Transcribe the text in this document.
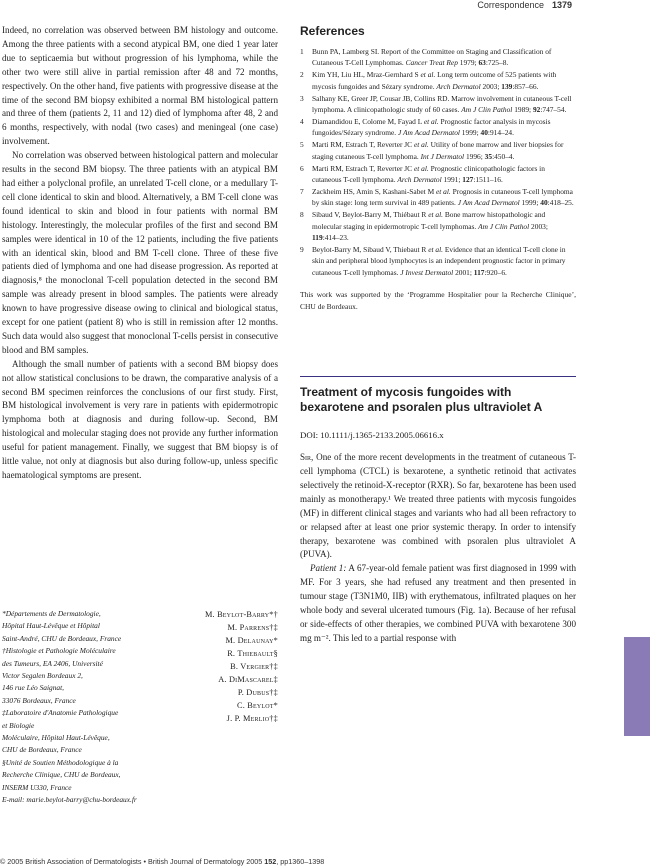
Correspondence 1379

Indeed, no correlation was observed between BM histology and outcome. Among the three patients with a second atypical BM, one died 1 year later due to septicaemia but without progression of his lymphoma, while the other two were still alive in partial remission after 48 and 72 months, respectively. On the other hand, five patients with progressive disease at the time of the second BM biopsy exhibited a normal BM histological pattern and three of them (patients 2, 11 and 12) died of lymphoma after 48, 2 and 6 months, respectively, with nodal (two cases) and meningeal (one case) involvement.

No correlation was observed between histological pattern and molecular results in the second BM biopsy. The three patients with an atypical BM had either a polyclonal profile, an unrelated T-cell clone, or a medullary T-cell clone identical to skin and blood. Alternatively, a BM T-cell clone was found identical to skin and blood in four patients with normal BM histology. Interestingly, the molecular profiles of the first and second BM samples were identical in 10 of the 12 patients, including the five patients with an identical skin, blood and BM T-cell clone. Three of these five patients died of lymphoma and one had disease progression. As reported at diagnosis,⁸ the monoclonal T-cell population detected in the second BM sample was already present in blood samples. The patients were already known to have progressive disease owing to clinical and biological status, except for one patient (patient 8) who is still in remission after 12 months. Such data would also suggest that monoclonal T-cells persist in consecutive blood and BM samples.

Although the small number of patients with a second BM biopsy does not allow statistical conclusions to be drawn, the comparative analysis of a second BM specimen reinforces the conclusions of our first study. First, BM histological involvement is very rare in patients with epidermotropic lymphoma both at diagnosis and during follow-up. Second, BM histological and molecular staging does not provide any further information useful for patient management. Finally, we suggest that BM biopsy is of little value, not only at diagnosis but also during follow-up, unless specific haematological symptoms are present.

*Départements de Dermatologie,
Hôpital Haut-Lévêque et Hôpital
Saint-André, CHU de Bordeaux, France
†Histologie et Pathologie Moléculaire
des Tumeurs, EA 2406, Université
Victor Segalen Bordeaux 2,
146 rue Léo Saignat,
33076 Bordeaux, France
‡Laboratoire d'Anatomie Pathologique
et Biologie
Moléculaire, Hôpital Haut-Lévêque,
CHU de Bordeaux, France
§Unité de Soutien Méthodologique à la
Recherche Clinique, CHU de Bordeaux,
INSERM U330, France
E-mail: marie.beylot-barry@chu-bordeaux.fr
M. Beylot-Barry*†
M. Parrens†‡
M. Delaunay*
R. Thiebault§
B. Vergier†‡
A. DiMascarel‡
P. Dubus†‡
C. Beylot*
J. P. Merlio†‡
References
1 Bunn PA, Lamberg SI. Report of the Committee on Staging and Classification of Cutaneous T-Cell Lymphomas. Cancer Treat Rep 1979; 63:725–8.
2 Kim YH, Liu HL, Mraz-Gernhard S et al. Long term outcome of 525 patients with mycosis fungoides and Sézary syndrome. Arch Dermatol 2003; 139:857–66.
3 Salhany KE, Greer JP, Cousar JB, Collins RD. Marrow involvement in cutaneous T-cell lymphoma. A clinicopathologic study of 60 cases. Am J Clin Pathol 1989; 92:747–54.
4 Diamandidou E, Colome M, Fayad L et al. Prognostic factor analysis in mycosis fungoides/Sézary syndrome. J Am Acad Dermatol 1999; 40:914–24.
5 Marti RM, Estrach T, Reverter JC et al. Utility of bone marrow and liver biopsies for staging cutaneous T-cell lymphoma. Int J Dermatol 1996; 35:450–4.
6 Marti RM, Estrach T, Reverter JC et al. Prognostic clinicopathologic factors in cutaneous T-cell lymphoma. Arch Dermatol 1991; 127:1511–16.
7 Zackheim HS, Amin S, Kashani-Sabet M et al. Prognosis in cutaneous T-cell lymphoma by skin stage: long term survival in 489 patients. J Am Acad Dermatol 1999; 40:418–25.
8 Sibaud V, Beylot-Barry M, Thiébaut R et al. Bone marrow histopathologic and molecular staging in epidermotropic T-cell lymphomas. Am J Clin Pathol 2003; 119:414–23.
9 Beylot-Barry M, Sibaud V, Thiebaut R et al. Evidence that an identical T-cell clone in skin and peripheral blood lymphocytes is an independent prognostic factor in primary cutaneous T-cell lymphomas. J Invest Dermatol 2001; 117:920–6.

This work was supported by the ‘Programme Hospitalier pour la Recherche Clinique’, CHU de Bordeaux.

Treatment of mycosis fungoides with bexarotene and psoralen plus ultraviolet A
DOI: 10.1111/j.1365-2133.2005.06616.x

Sir, One of the more recent developments in the treatment of cutaneous T-cell lymphoma (CTCL) is bexarotene, a synthetic retinoid that activates selectively the retinoid-X-receptor (RXR). So far, bexarotene has been used mainly as monotherapy.¹ We treated three patients with mycosis fungoides (MF) in different clinical stages and variants who had all been refractory to or relapsed after at least one prior systemic therapy. In order to intensify therapy, bexarotene was combined with psoralen plus ultraviolet A (PUVA).

Patient 1: A 67-year-old female patient was first diagnosed in 1999 with MF. For 3 years, she had refused any treatment and then presented in tumour stage (T3N1M0, IIB) with erythematous, infiltrated plaques on her whole body and several ulcerated tumours (Fig. 1a). Because of her refusal or side-effects of other therapies, we combined PUVA with bexarotene 300 mg m⁻². This led to a partial response with

© 2005 British Association of Dermatologists • British Journal of Dermatology 2005 152, pp1360–1398
